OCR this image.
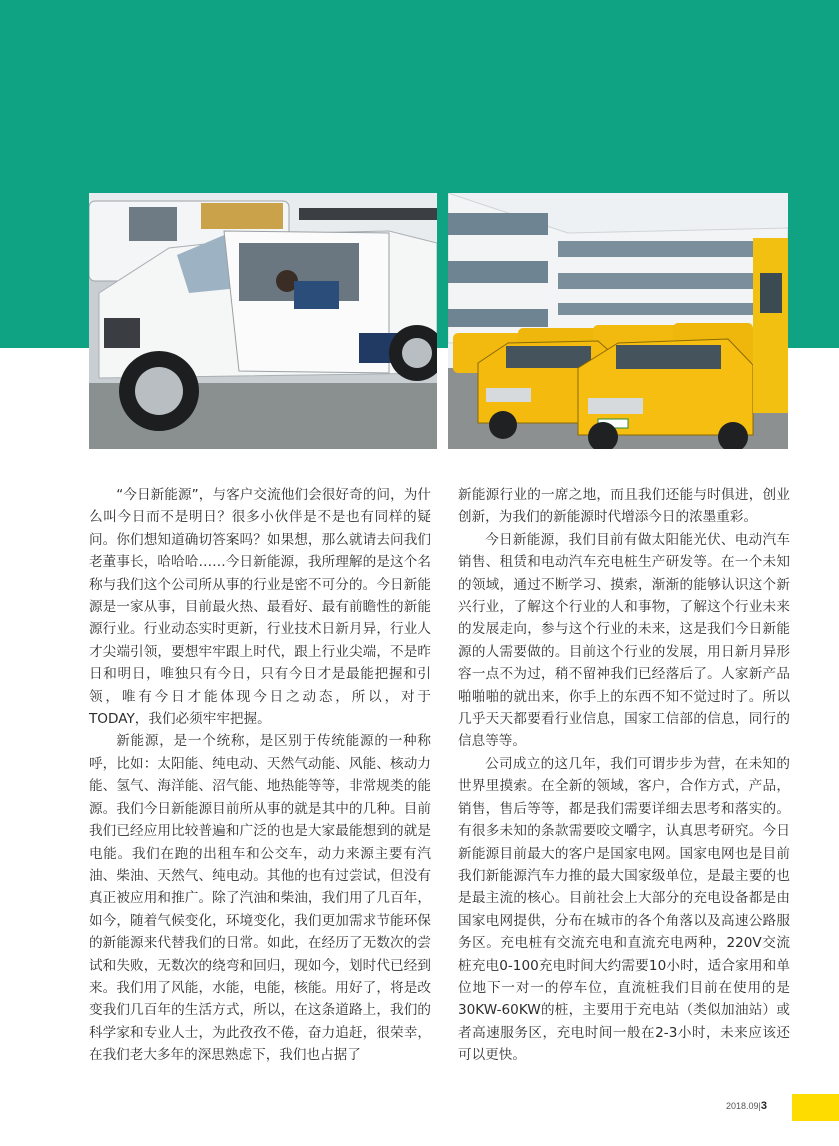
“今日新能源”，与客户交流他们会很好奇的问，为什么叫今日而不是明日？很多小伙伴是不是也有同样的疑问。你们想知道确切答案吗？如果想，那么就请去问我们老董事长，哈哈哈……今日新能源，我所理解的是这个名称与我们这个公司所从事的行业是密不可分的。今日新能源是一家从事，目前最火热、最看好、最有前瞻性的新能源行业。行业动态实时更新，行业技术日新月异，行业人才尖端引领，要想牢牢跟上时代，跟上行业尖端，不是昨日和明日，唯独只有今日，只有今日才是最能把握和引领，唯有今日才能体现今日之动态，所以，对于TODAY，我们必须牢牢把握。

新能源，是一个统称，是区别于传统能源的一种称呼，比如：太阳能、纯电动、天然气动能、风能、核动力能、氢气、海洋能、沼气能、地热能等等，非常规类的能源。我们今日新能源目前所从事的就是其中的几种。目前我们已经应用比较普遍和广泛的也是大家最能想到的就是电能。我们在跑的出租车和公交车，动力来源主要有汽油、柴油、天然气、纯电动。其他的也有过尝试，但没有真正被应用和推广。除了汽油和柴油，我们用了几百年，如今，随着气候变化，环境变化，我们更加需求节能环保的新能源来代替我们的日常。如此，在经历了无数次的尝试和失败，无数次的绕弯和回归，现如今，划时代已经到来。我们用了风能，水能，电能，核能。用好了，将是改变我们几百年的生活方式，所以，在这条道路上，我们的科学家和专业人士，为此孜孜不倦，奋力追赶，很荣幸，在我们老大多年的深思熟虑下，我们也占据了

新能源行业的一席之地，而且我们还能与时俱进，创业创新，为我们的新能源时代增添今日的浓墨重彩。

今日新能源，我们目前有做太阳能光伏、电动汽车销售、租赁和电动汽车充电桩生产研发等。在一个未知的领域，通过不断学习、摸索，渐渐的能够认识这个新兴行业，了解这个行业的人和事物，了解这个行业未来的发展走向，参与这个行业的未来，这是我们今日新能源的人需要做的。目前这个行业的发展，用日新月异形容一点不为过，稍不留神我们已经落后了。人家新产品啪啪啪的就出来，你手上的东西不知不觉过时了。所以几乎天天都要看行业信息，国家工信部的信息，同行的信息等等。

公司成立的这几年，我们可谓步步为营，在未知的世界里摸索。在全新的领域，客户，合作方式，产品，销售，售后等等，都是我们需要详细去思考和落实的。有很多未知的条款需要咬文嚼字，认真思考研究。今日新能源目前最大的客户是国家电网。国家电网也是目前我们新能源汽车力推的最大国家级单位，是最主要的也是最主流的核心。目前社会上大部分的充电设备都是由国家电网提供，分布在城市的各个角落以及高速公路服务区。充电桩有交流充电和直流充电两种，220V交流桩充电0-100充电时间大约需要10小时，适合家用和单位地下一对一的停车位，直流桩我们目前在使用的是30KW-60KW的桩，主要用于充电站（类似加油站）或者高速服务区，充电时间一般在2-3小时，未来应该还可以更快。

2018.09|3
